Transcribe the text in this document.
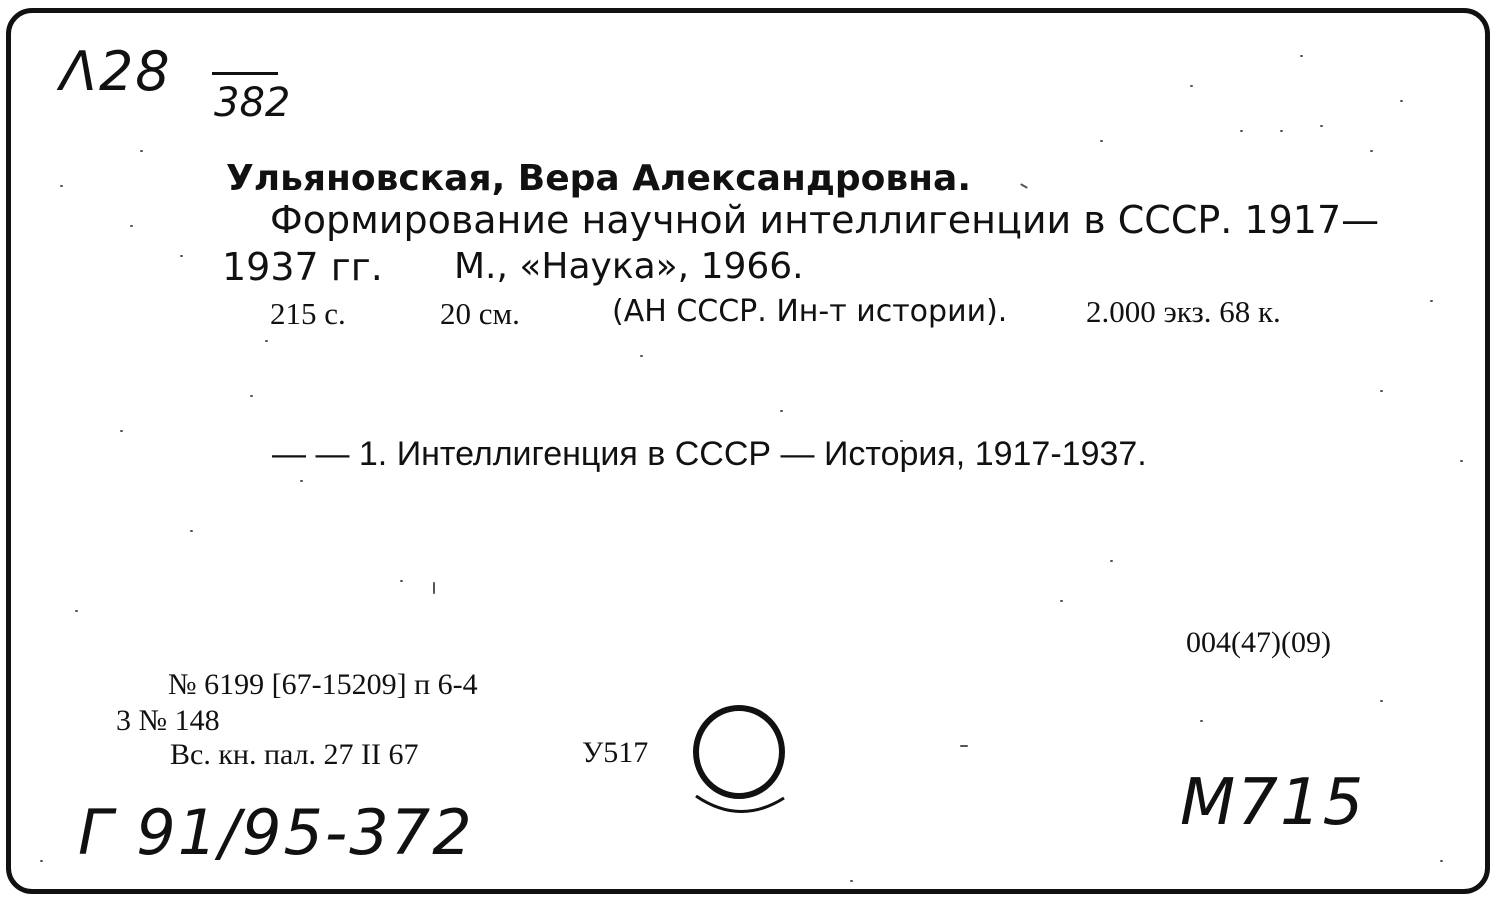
Λ28 382
Ульяновская, Вера Александровна.
Формирование научной интеллигенции в СССР. 1917—
1937 гг. М., «Наука», 1966.
215 с.	20 см.	(АН СССР. Ин-т истории).	2.000 экз. 68 к.
— — 1. Интеллигенция в СССР — История, 1917-1937.
004(47)(09)
№ 6199 [67-15209] п 6-4
3 № 148
Вс. кн. пал. 27 II 67	У517
Г 91/95-372	М715
